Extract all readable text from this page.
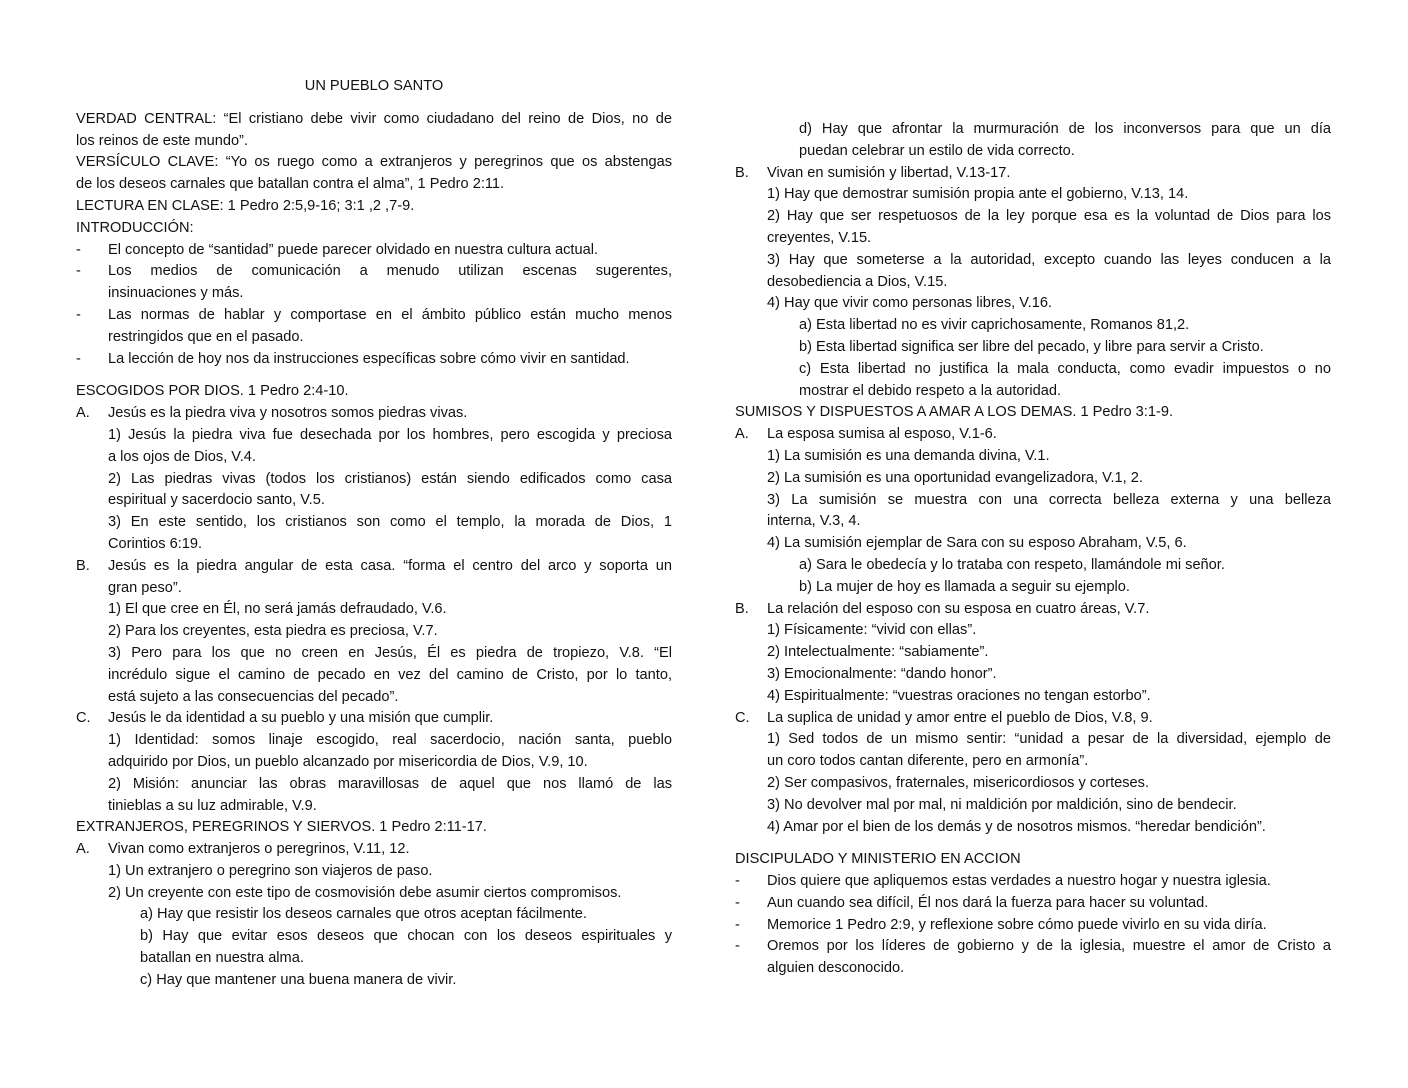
UN PUEBLO SANTO
VERDAD CENTRAL: “El cristiano debe vivir como ciudadano del reino de Dios, no de
los reinos de este mundo”.
VERSÍCULO CLAVE: “Yo os ruego como a extranjeros y peregrinos que os abstengas
de los deseos carnales que batallan contra el alma”, 1 Pedro 2:11.
LECTURA EN CLASE: 1 Pedro 2:5,9-16; 3:1 ,2 ,7-9.
INTRODUCCIÓN:
-	El concepto de “santidad” puede parecer olvidado en nuestra cultura actual.
-	Los medios de comunicación a menudo utilizan escenas sugerentes,
insinuaciones y más.
-	Las normas de hablar y comportase en el ámbito público están mucho menos
restringidos que en el pasado.
-	La lección de hoy nos da instrucciones específicas sobre cómo vivir en santidad.
ESCOGIDOS POR DIOS. 1 Pedro 2:4-10.
A.	Jesús es la piedra viva y nosotros somos piedras vivas.
1) Jesús la piedra viva fue desechada por los hombres, pero escogida y preciosa
a los ojos de Dios, V.4.
2) Las piedras vivas (todos los cristianos) están siendo edificados como casa
espiritual y sacerdocio santo, V.5.
3) En este sentido, los cristianos son como el templo, la morada de Dios, 1
Corintios 6:19.
B.	Jesús es la piedra angular de esta casa. “forma el centro del arco y soporta un
gran peso”.
1) El que cree en Él, no será jamás defraudado, V.6.
2) Para los creyentes, esta piedra es preciosa, V.7.
3) Pero para los que no creen en Jesús, Él es piedra de tropiezo, V.8. “El
incrédulo sigue el camino de pecado en vez del camino de Cristo, por lo tanto,
está sujeto a las consecuencias del pecado”.
C.	Jesús le da identidad a su pueblo y una misión que cumplir.
1) Identidad: somos linaje escogido, real sacerdocio, nación santa, pueblo
adquirido por Dios, un pueblo alcanzado por misericordia de Dios, V.9, 10.
2) Misión: anunciar las obras maravillosas de aquel que nos llamó de las
tinieblas a su luz admirable, V.9.
EXTRANJEROS, PEREGRINOS Y SIERVOS. 1 Pedro 2:11-17.
A.	Vivan como extranjeros o peregrinos, V.11, 12.
1) Un extranjero o peregrino son viajeros de paso.
2) Un creyente con este tipo de cosmovisión debe asumir ciertos compromisos.
a) Hay que resistir los deseos carnales que otros aceptan fácilmente.
b) Hay que evitar esos deseos que chocan con los deseos espirituales y
batallan en nuestra alma.
c) Hay que mantener una buena manera de vivir.
d) Hay que afrontar la murmuración de los inconversos para que un día
puedan celebrar un estilo de vida correcto.
B.	Vivan en sumisión y libertad, V.13-17.
1) Hay que demostrar sumisión propia ante el gobierno, V.13, 14.
2) Hay que ser respetuosos de la ley porque esa es la voluntad de Dios para los
creyentes, V.15.
3) Hay que someterse a la autoridad, excepto cuando las leyes conducen a la
desobediencia a Dios, V.15.
4) Hay que vivir como personas libres, V.16.
a) Esta libertad no es vivir caprichosamente, Romanos 81,2.
b) Esta libertad significa ser libre del pecado, y libre para servir a Cristo.
c) Esta libertad no justifica la mala conducta, como evadir impuestos o no
mostrar el debido respeto a la autoridad.
SUMISOS Y DISPUESTOS A AMAR A LOS DEMAS. 1 Pedro 3:1-9.
A.	La esposa sumisa al esposo, V.1-6.
1) La sumisión es una demanda divina, V.1.
2) La sumisión es una oportunidad evangelizadora, V.1, 2.
3) La sumisión se muestra con una correcta belleza externa y una belleza
interna, V.3, 4.
4) La sumisión ejemplar de Sara con su esposo Abraham, V.5, 6.
a) Sara le obedecía y lo trataba con respeto, llamándole mi señor.
b) La mujer de hoy es llamada a seguir su ejemplo.
B.	La relación del esposo con su esposa en cuatro áreas, V.7.
1) Físicamente: “vivid con ellas”.
2) Intelectualmente: “sabiamente”.
3) Emocionalmente: “dando honor”.
4) Espiritualmente: “vuestras oraciones no tengan estorbo”.
C.	La suplica de unidad y amor entre el pueblo de Dios, V.8, 9.
1) Sed todos de un mismo sentir: “unidad a pesar de la diversidad, ejemplo de
un coro todos cantan diferente, pero en armonía”.
2) Ser compasivos, fraternales, misericordiosos y corteses.
3) No devolver mal por mal, ni maldición por maldición, sino de bendecir.
4) Amar por el bien de los demás y de nosotros mismos. “heredar bendición”.
DISCIPULADO Y MINISTERIO EN ACCION
-	Dios quiere que apliquemos estas verdades a nuestro hogar y nuestra iglesia.
-	Aun cuando sea difícil, Él nos dará la fuerza para hacer su voluntad.
-	Memorice 1 Pedro 2:9, y reflexione sobre cómo puede vivirlo en su vida diría.
-	Oremos por los líderes de gobierno y de la iglesia, muestre el amor de Cristo a
alguien desconocido.
